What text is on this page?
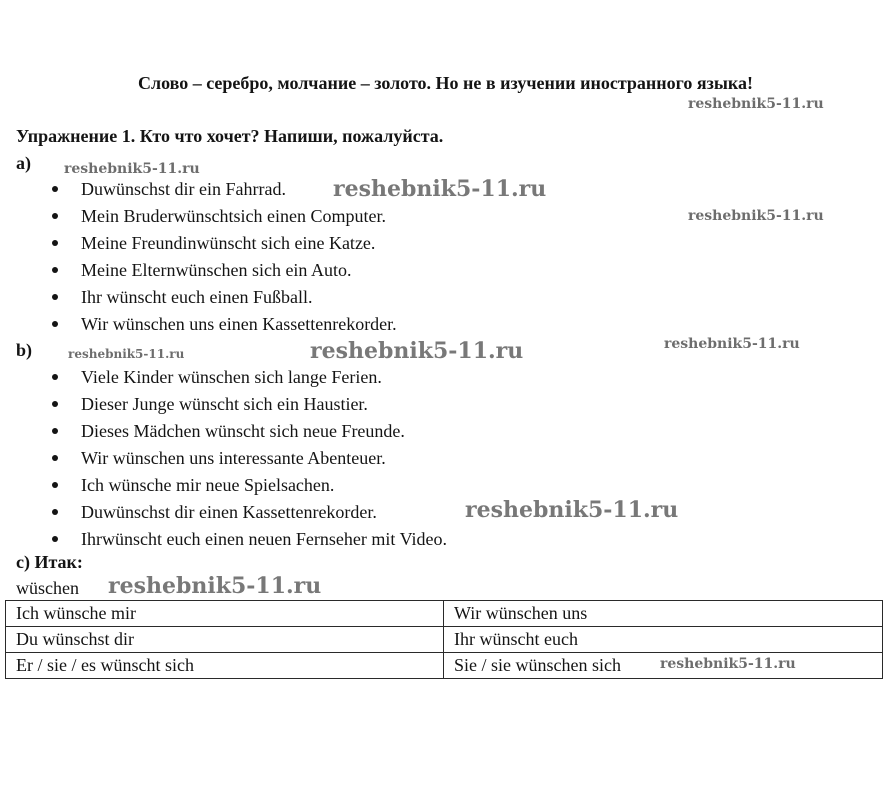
Слово – серебро, молчание – золото. Но не в изучении иностранного языка!
Упражнение 1. Кто что хочет? Напиши, пожалуйста.

a)

Duwünschst dir ein Fahrrad.
Mein Bruderwünschtsich einen Computer.
Meine Freundinwünscht sich eine Katze.
Meine Elternwünschen sich ein Auto.
Ihr wünscht euch einen Fußball.
Wir wünschen uns einen Kassettenrekorder.

b)

Viele Kinder wünschen sich lange Ferien.
Dieser Junge wünscht sich ein Haustier.
Dieses Mädchen wünscht sich neue Freunde.
Wir wünschen uns interessante Abenteuer.
Ich wünsche mir neue Spielsachen.
Duwünschst dir einen Kassettenrekorder.
Ihrwünscht euch einen neuen Fernseher mit Video.

c) Итак:

wüschen

Ich wünsche mir	Wir wünschen uns
Du wünschst dir	Ihr wünscht euch
Er / sie / es wünscht sich	Sie / sie wünschen sich
reshebnik5-11.ru
reshebnik5-11.ru
reshebnik5-11.ru
reshebnik5-11.ru
reshebnik5-11.ru	reshebnik5-11.ru	reshebnik5-11.ru
reshebnik5-11.ru
reshebnik5-11.ru
reshebnik5-11.ru
